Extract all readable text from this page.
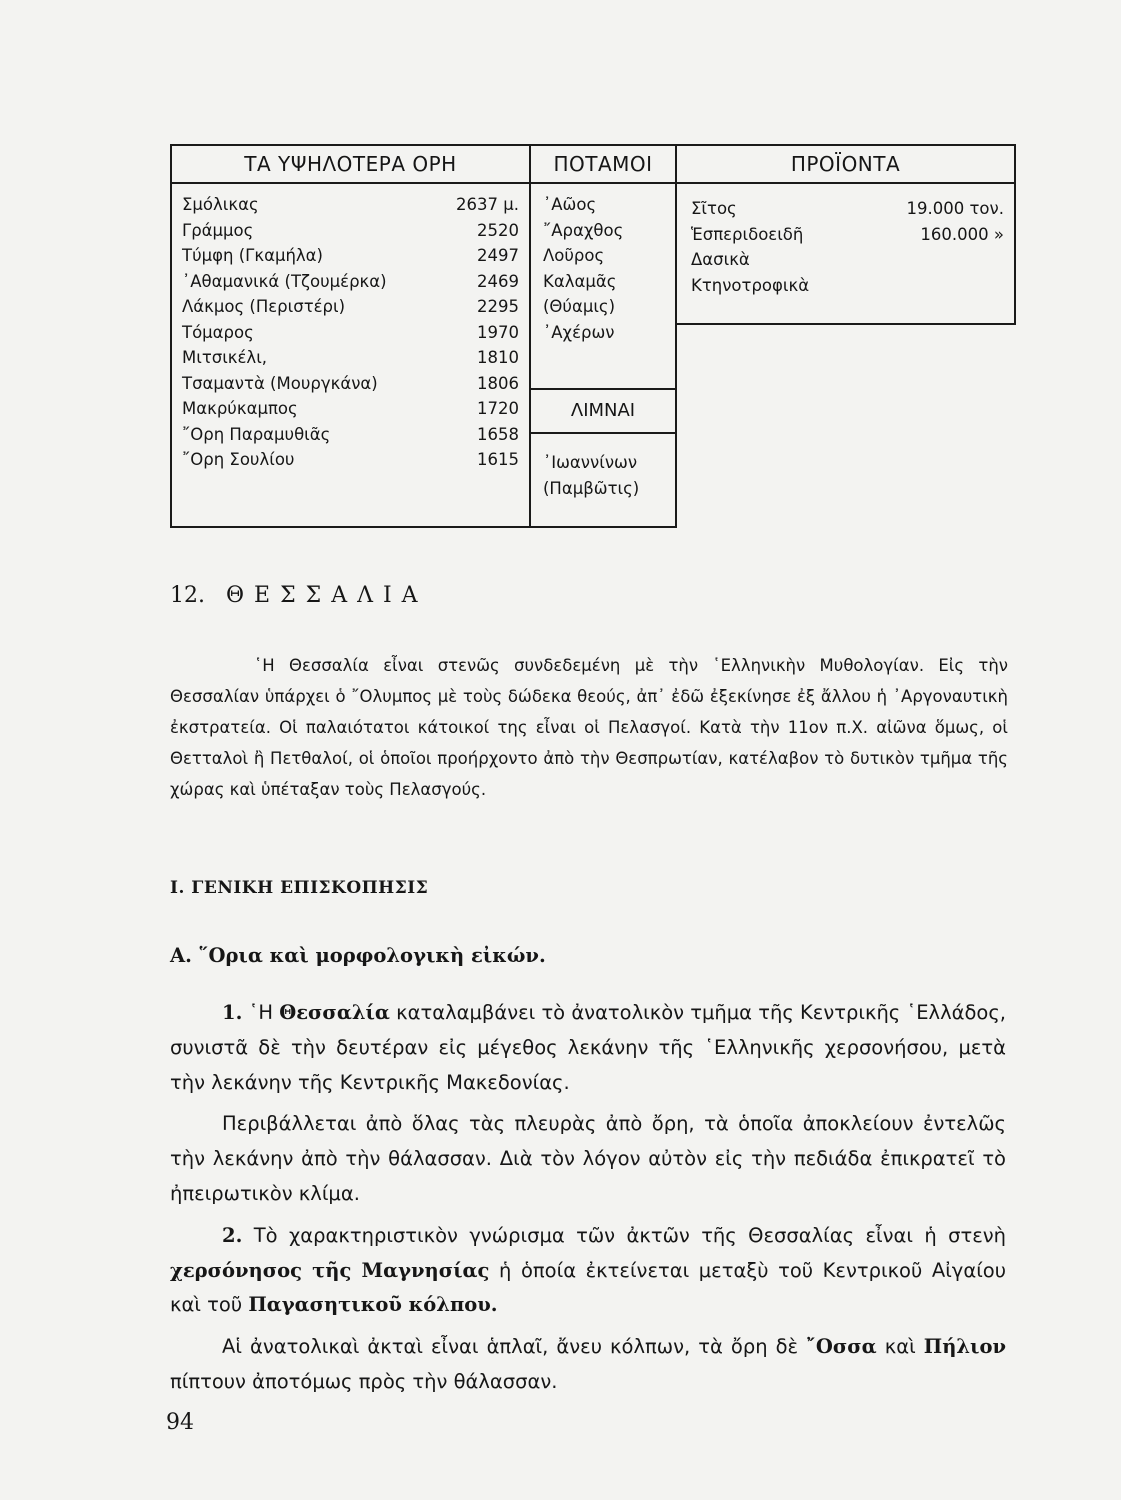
ΤΑ ΥΨΗΛΟΤΕΡΑ ΟΡΗ
Σμόλικας	2637 μ.
Γράμμος	2520
Τύμφη (Γκαμήλα)	2497
᾿Αθαμανικά (Τζουμέρκα)	2469
Λάκμος (Περιστέρι)	2295
Τόμαρος	1970
Μιτσικέλι,	1810
Τσαμαντὰ (Μουργκάνα)	1806
Μακρύκαμπος	1720
῎Ορη Παραμυθιᾶς	1658
῎Ορη Σουλίου	1615
ΠΟΤΑΜΟΙ
᾿Αῶος
῎Αραχθος
Λοῦρος
Καλαμᾶς
(Θύαμις)
᾿Αχέρων
ΛΙΜΝΑΙ
᾿Ιωαννίνων
(Παμβῶτις)
ΠΡΟΪΟΝΤΑ
Σῖτος	19.000 τον.
Ἑσπεριδοειδῆ	160.000 »
Δασικὰ
Κτηνοτροφικὰ
12. ΘΕΣΣΑΛΙΑ

῾Η Θεσσαλία εἶναι στενῶς συνδεδεμένη μὲ τὴν ῾Ελληνικὴν Μυθολογίαν. Εἰς τὴν Θεσσαλίαν ὑπάρχει ὁ ῎Ολυμπος μὲ τοὺς δώδεκα θεούς, ἀπ᾿ ἐδῶ ἐξεκίνησε ἐξ ἄλλου ἡ ᾿Αργοναυτικὴ ἐκστρατεία. Οἱ παλαιότατοι κάτοικοί της εἶναι οἱ Πελασγοί. Κατὰ τὴν 11ον π.Χ. αἰῶνα ὅμως, οἱ Θετταλοὶ ἢ Πετθαλοί, οἱ ὁποῖοι προήρχοντο ἀπὸ τὴν Θεσπρωτίαν, κατέλαβον τὸ δυτικὸν τμῆμα τῆς χώρας καὶ ὑπέταξαν τοὺς Πελασγούς.

Ι. ΓΕΝΙΚΗ ΕΠΙΣΚΟΠΗΣΙΣ
Α. ῞Ορια καὶ μορφολογικὴ εἰκών.

1. ῾Η Θεσσαλία καταλαμβάνει τὸ ἀνατολικὸν τμῆμα τῆς Κεντρικῆς ῾Ελλάδος, συνιστᾶ δὲ τὴν δευτέραν εἰς μέγεθος λεκάνην τῆς ῾Ελληνικῆς χερσονήσου, μετὰ τὴν λεκάνην τῆς Κεντρικῆς Μακεδονίας.

Περιβάλλεται ἀπὸ ὅλας τὰς πλευρὰς ἀπὸ ὄρη, τὰ ὁποῖα ἀποκλείουν ἐντελῶς τὴν λεκάνην ἀπὸ τὴν θάλασσαν. Διὰ τὸν λόγον αὐτὸν εἰς τὴν πεδιάδα ἐπικρατεῖ τὸ ἠπειρωτικὸν κλίμα.

2. Τὸ χαρακτηριστικὸν γνώρισμα τῶν ἀκτῶν τῆς Θεσσαλίας εἶναι ἡ στενὴ χερσόνησος τῆς Μαγνησίας ἡ ὁποία ἐκτείνεται μεταξὺ τοῦ Κεντρικοῦ Αἰγαίου καὶ τοῦ Παγασητικοῦ κόλπου.

Αἱ ἀνατολικαὶ ἀκταὶ εἶναι ἁπλαῖ, ἄνευ κόλπων, τὰ ὄρη δὲ ῎Οσσα καὶ Πήλιον πίπτουν ἀποτόμως πρὸς τὴν θάλασσαν.

94
